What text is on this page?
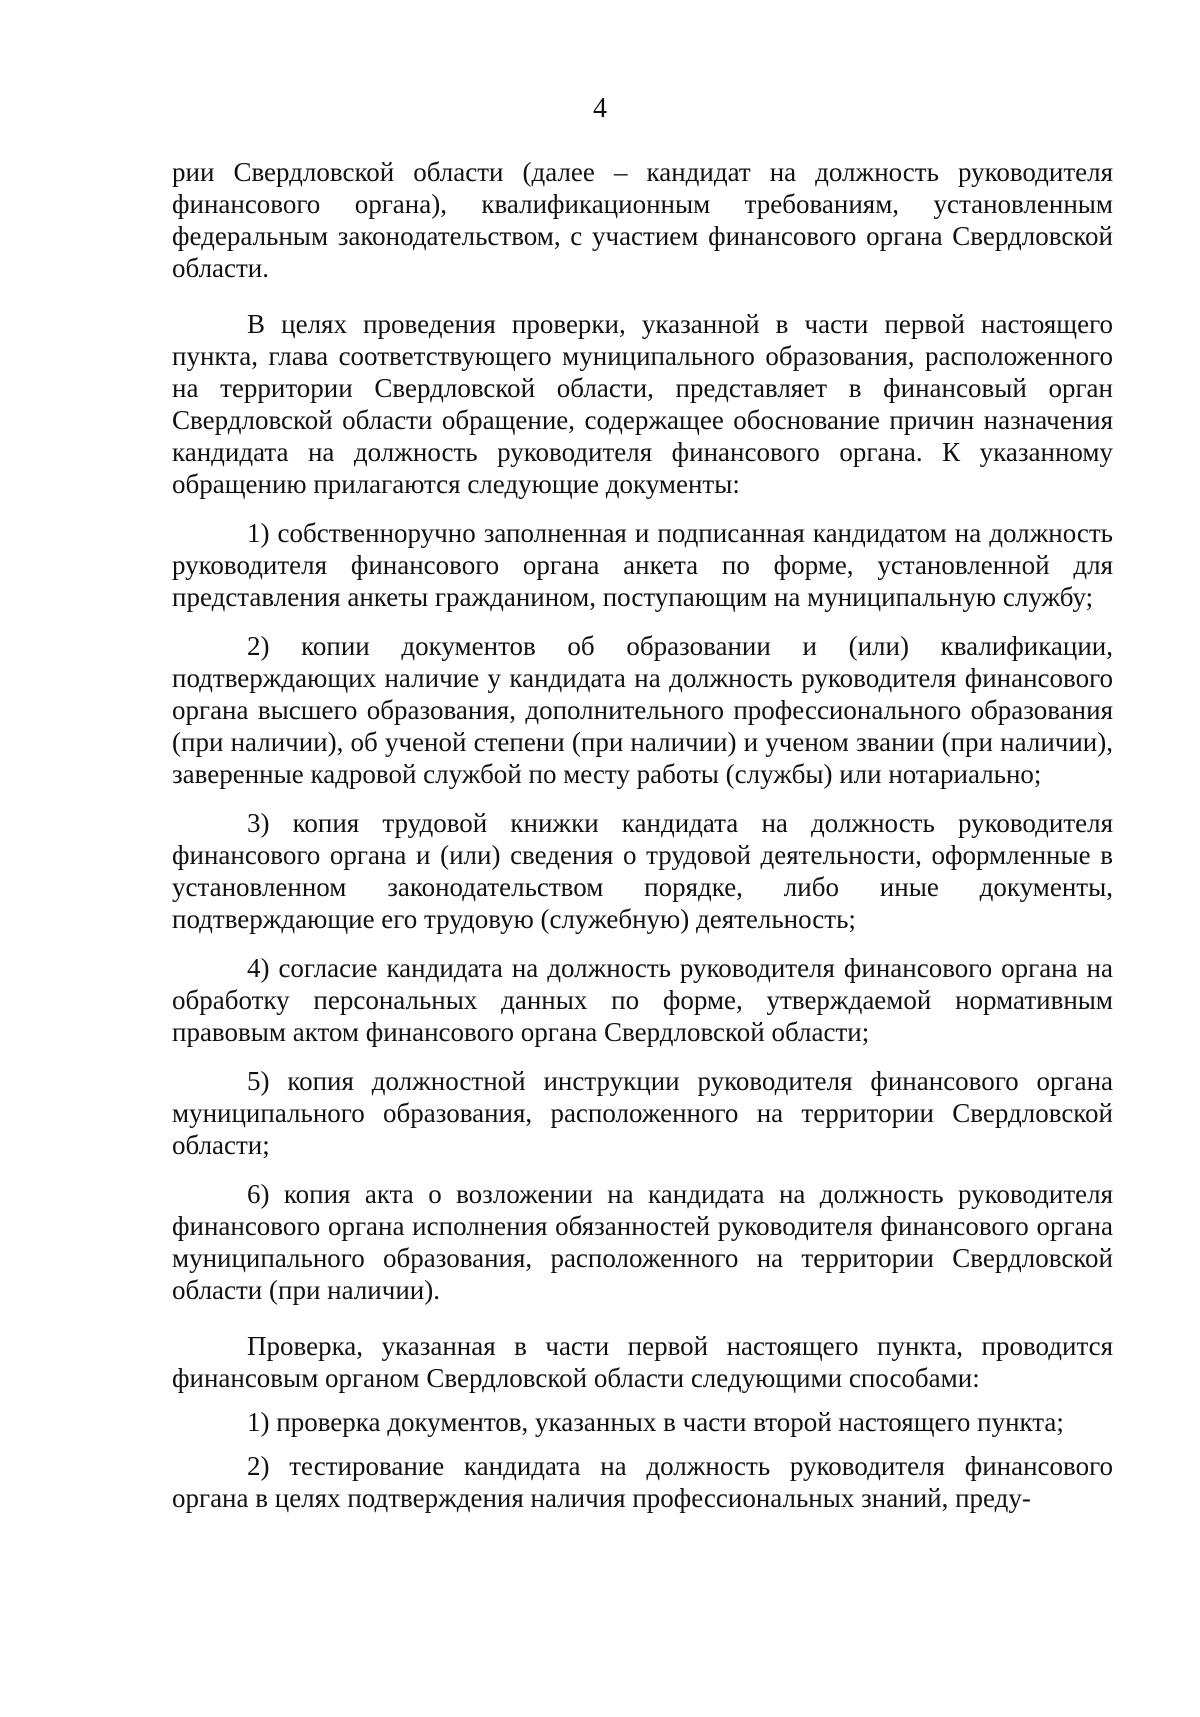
4

рии Свердловской области (далее – кандидат на должность руководителя финансового органа), квалификационным требованиям, установленным федеральным законодательством, с участием финансового органа Свердловской области.

В целях проведения проверки, указанной в части первой настоящего пункта, глава соответствующего муниципального образования, расположенного на территории Свердловской области, представляет в финансовый орган Свердловской области обращение, содержащее обоснование причин назначения кандидата на должность руководителя финансового органа. К указанному обращению прилагаются следующие документы:

1) собственноручно заполненная и подписанная кандидатом на должность руководителя финансового органа анкета по форме, установленной для представления анкеты гражданином, поступающим на муниципальную службу;

2) копии документов об образовании и (или) квалификации, подтверждающих наличие у кандидата на должность руководителя финансового органа высшего образования, дополнительного профессионального образования (при наличии), об ученой степени (при наличии) и ученом звании (при наличии), заверенные кадровой службой по месту работы (службы) или нотариально;

3) копия трудовой книжки кандидата на должность руководителя финансового органа и (или) сведения о трудовой деятельности, оформленные в установленном законодательством порядке, либо иные документы, подтверждающие его трудовую (служебную) деятельность;

4) согласие кандидата на должность руководителя финансового органа на обработку персональных данных по форме, утверждаемой нормативным правовым актом финансового органа Свердловской области;

5) копия должностной инструкции руководителя финансового органа муниципального образования, расположенного на территории Свердловской области;

6) копия акта о возложении на кандидата на должность руководителя финансового органа исполнения обязанностей руководителя финансового органа муниципального образования, расположенного на территории Свердловской области (при наличии).

Проверка, указанная в части первой настоящего пункта, проводится финансовым органом Свердловской области следующими способами:

1) проверка документов, указанных в части второй настоящего пункта;

2) тестирование кандидата на должность руководителя финансового органа в целях подтверждения наличия профессиональных знаний, преду-
